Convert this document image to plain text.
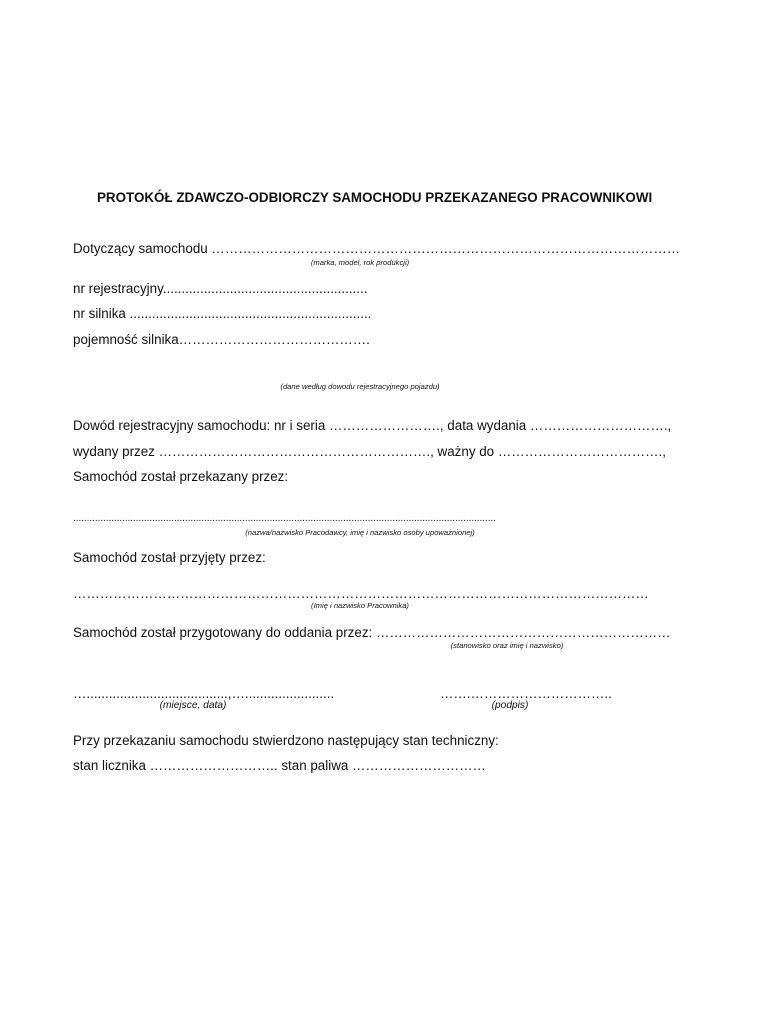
PROTOKÓŁ ZDAWCZO-ODBIORCZY SAMOCHODU PRZEKAZANEGO PRACOWNIKOWI
Dotyczący samochodu ……………………………………………………………………………………………
(marka, model, rok produkcji)
nr rejestracyjny.......................................................
nr silnika .................................................................
pojemność silnika…………………………………….
(dane według dowodu rejestracyjnego pojazdu)
Dowód rejestracyjny samochodu: nr i seria ……………………., data wydania ………………………….,
wydany przez ……………………………………………………., ważny do ……………………………….,
Samochód został przekazany przez:
...........................................................................................................................................................
(nazwa/nazwisko Pracodawcy, imię i nazwisko osoby upoważnionej)
Samochód został przyjęty przez:
…………………………………………………………………………………………………………………
(Imię i nazwisko Pracownika)
Samochód został przygotowany do oddania przez: …………………………………………………………
(stanowisko oraz imię i nazwisko)
…......................................,…........................
(miejsce, data)
…….…………………………..
(podpis)
Przy przekazaniu samochodu stwierdzono następujący stan techniczny:
stan licznika ……………………….. stan paliwa …………………………
